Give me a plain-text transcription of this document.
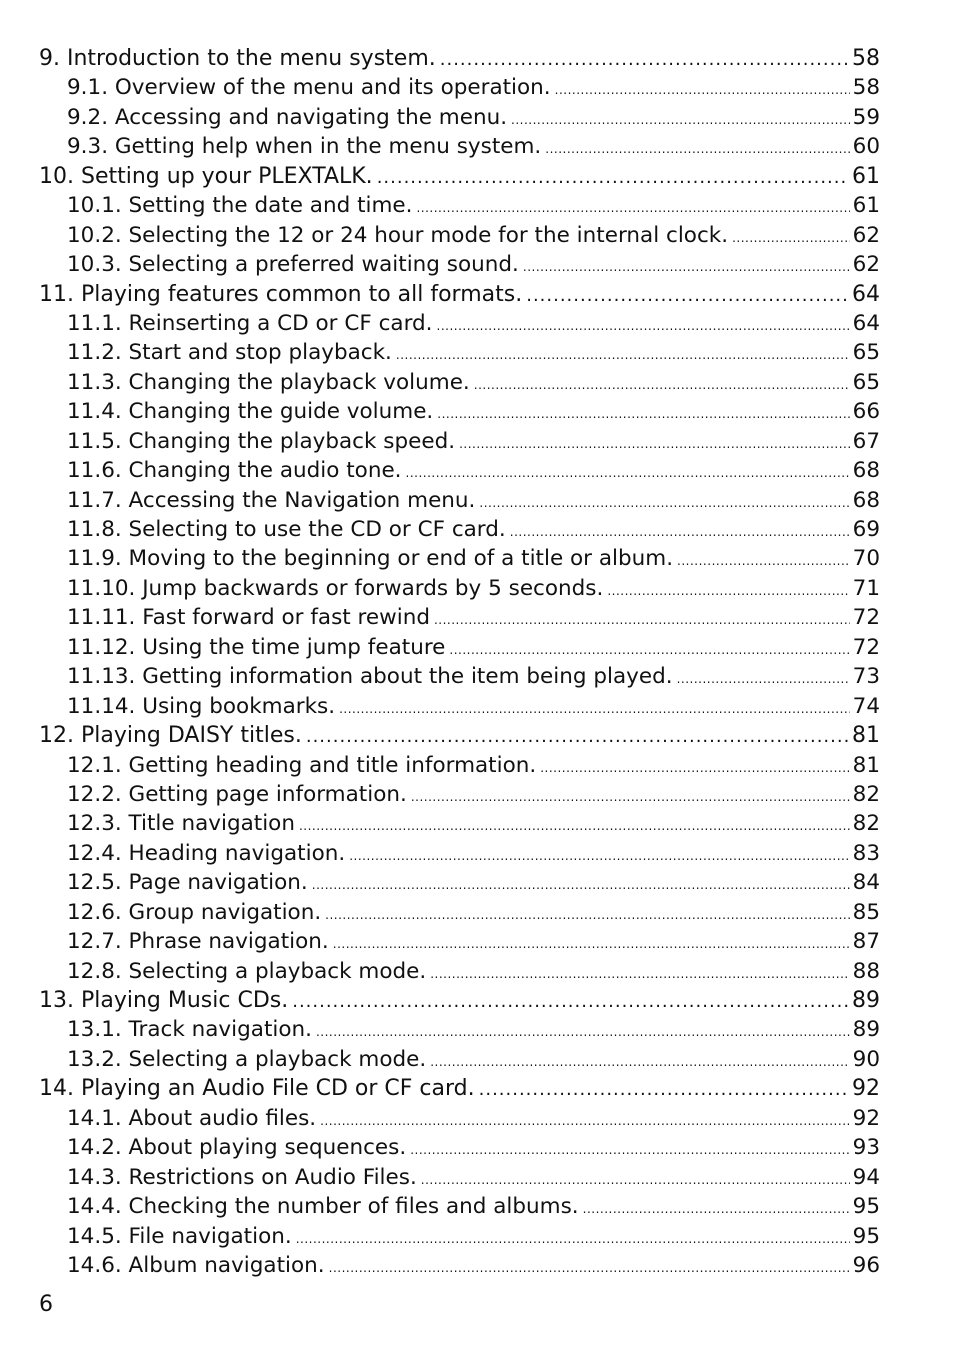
9. Introduction to the menu system. .....	58
9.1. Overview of the menu and its operation. .....	58
9.2. Accessing and navigating the menu. .....	59
9.3. Getting help when in the menu system. .....	60
10. Setting up your PLEXTALK. .....	61
10.1. Setting the date and time. .....	61
10.2. Selecting the 12 or 24 hour mode for the internal clock. .....	62
10.3. Selecting a preferred waiting sound. .....	62
11. Playing features common to all formats. .....	64
11.1. Reinserting a CD or CF card. .....	64
11.2. Start and stop playback. .....	65
11.3. Changing the playback volume. .....	65
11.4. Changing the guide volume. .....	66
11.5. Changing the playback speed. .....	67
11.6. Changing the audio tone. .....	68
11.7. Accessing the Navigation menu. .....	68
11.8. Selecting to use the CD or CF card. .....	69
11.9. Moving to the beginning or end of a title or album. .....	70
11.10. Jump backwards or forwards by 5 seconds. .....	71
11.11. Fast forward or fast rewind .....	72
11.12. Using the time jump feature .....	72
11.13. Getting information about the item being played. .....	73
11.14. Using bookmarks. .....	74
12. Playing DAISY titles. .....	81
12.1. Getting heading and title information. .....	81
12.2. Getting page information. .....	82
12.3. Title navigation .....	82
12.4. Heading navigation. .....	83
12.5. Page navigation. .....	84
12.6. Group navigation. .....	85
12.7. Phrase navigation. .....	87
12.8. Selecting a playback mode. .....	88
13. Playing Music CDs. .....	89
13.1. Track navigation. .....	89
13.2. Selecting a playback mode. .....	90
14. Playing an Audio File CD or CF card. .....	92
14.1. About audio files. .....	92
14.2. About playing sequences. .....	93
14.3. Restrictions on Audio Files. .....	94
14.4. Checking the number of files and albums. .....	95
14.5. File navigation. .....	95
14.6. Album navigation. .....	96
6
